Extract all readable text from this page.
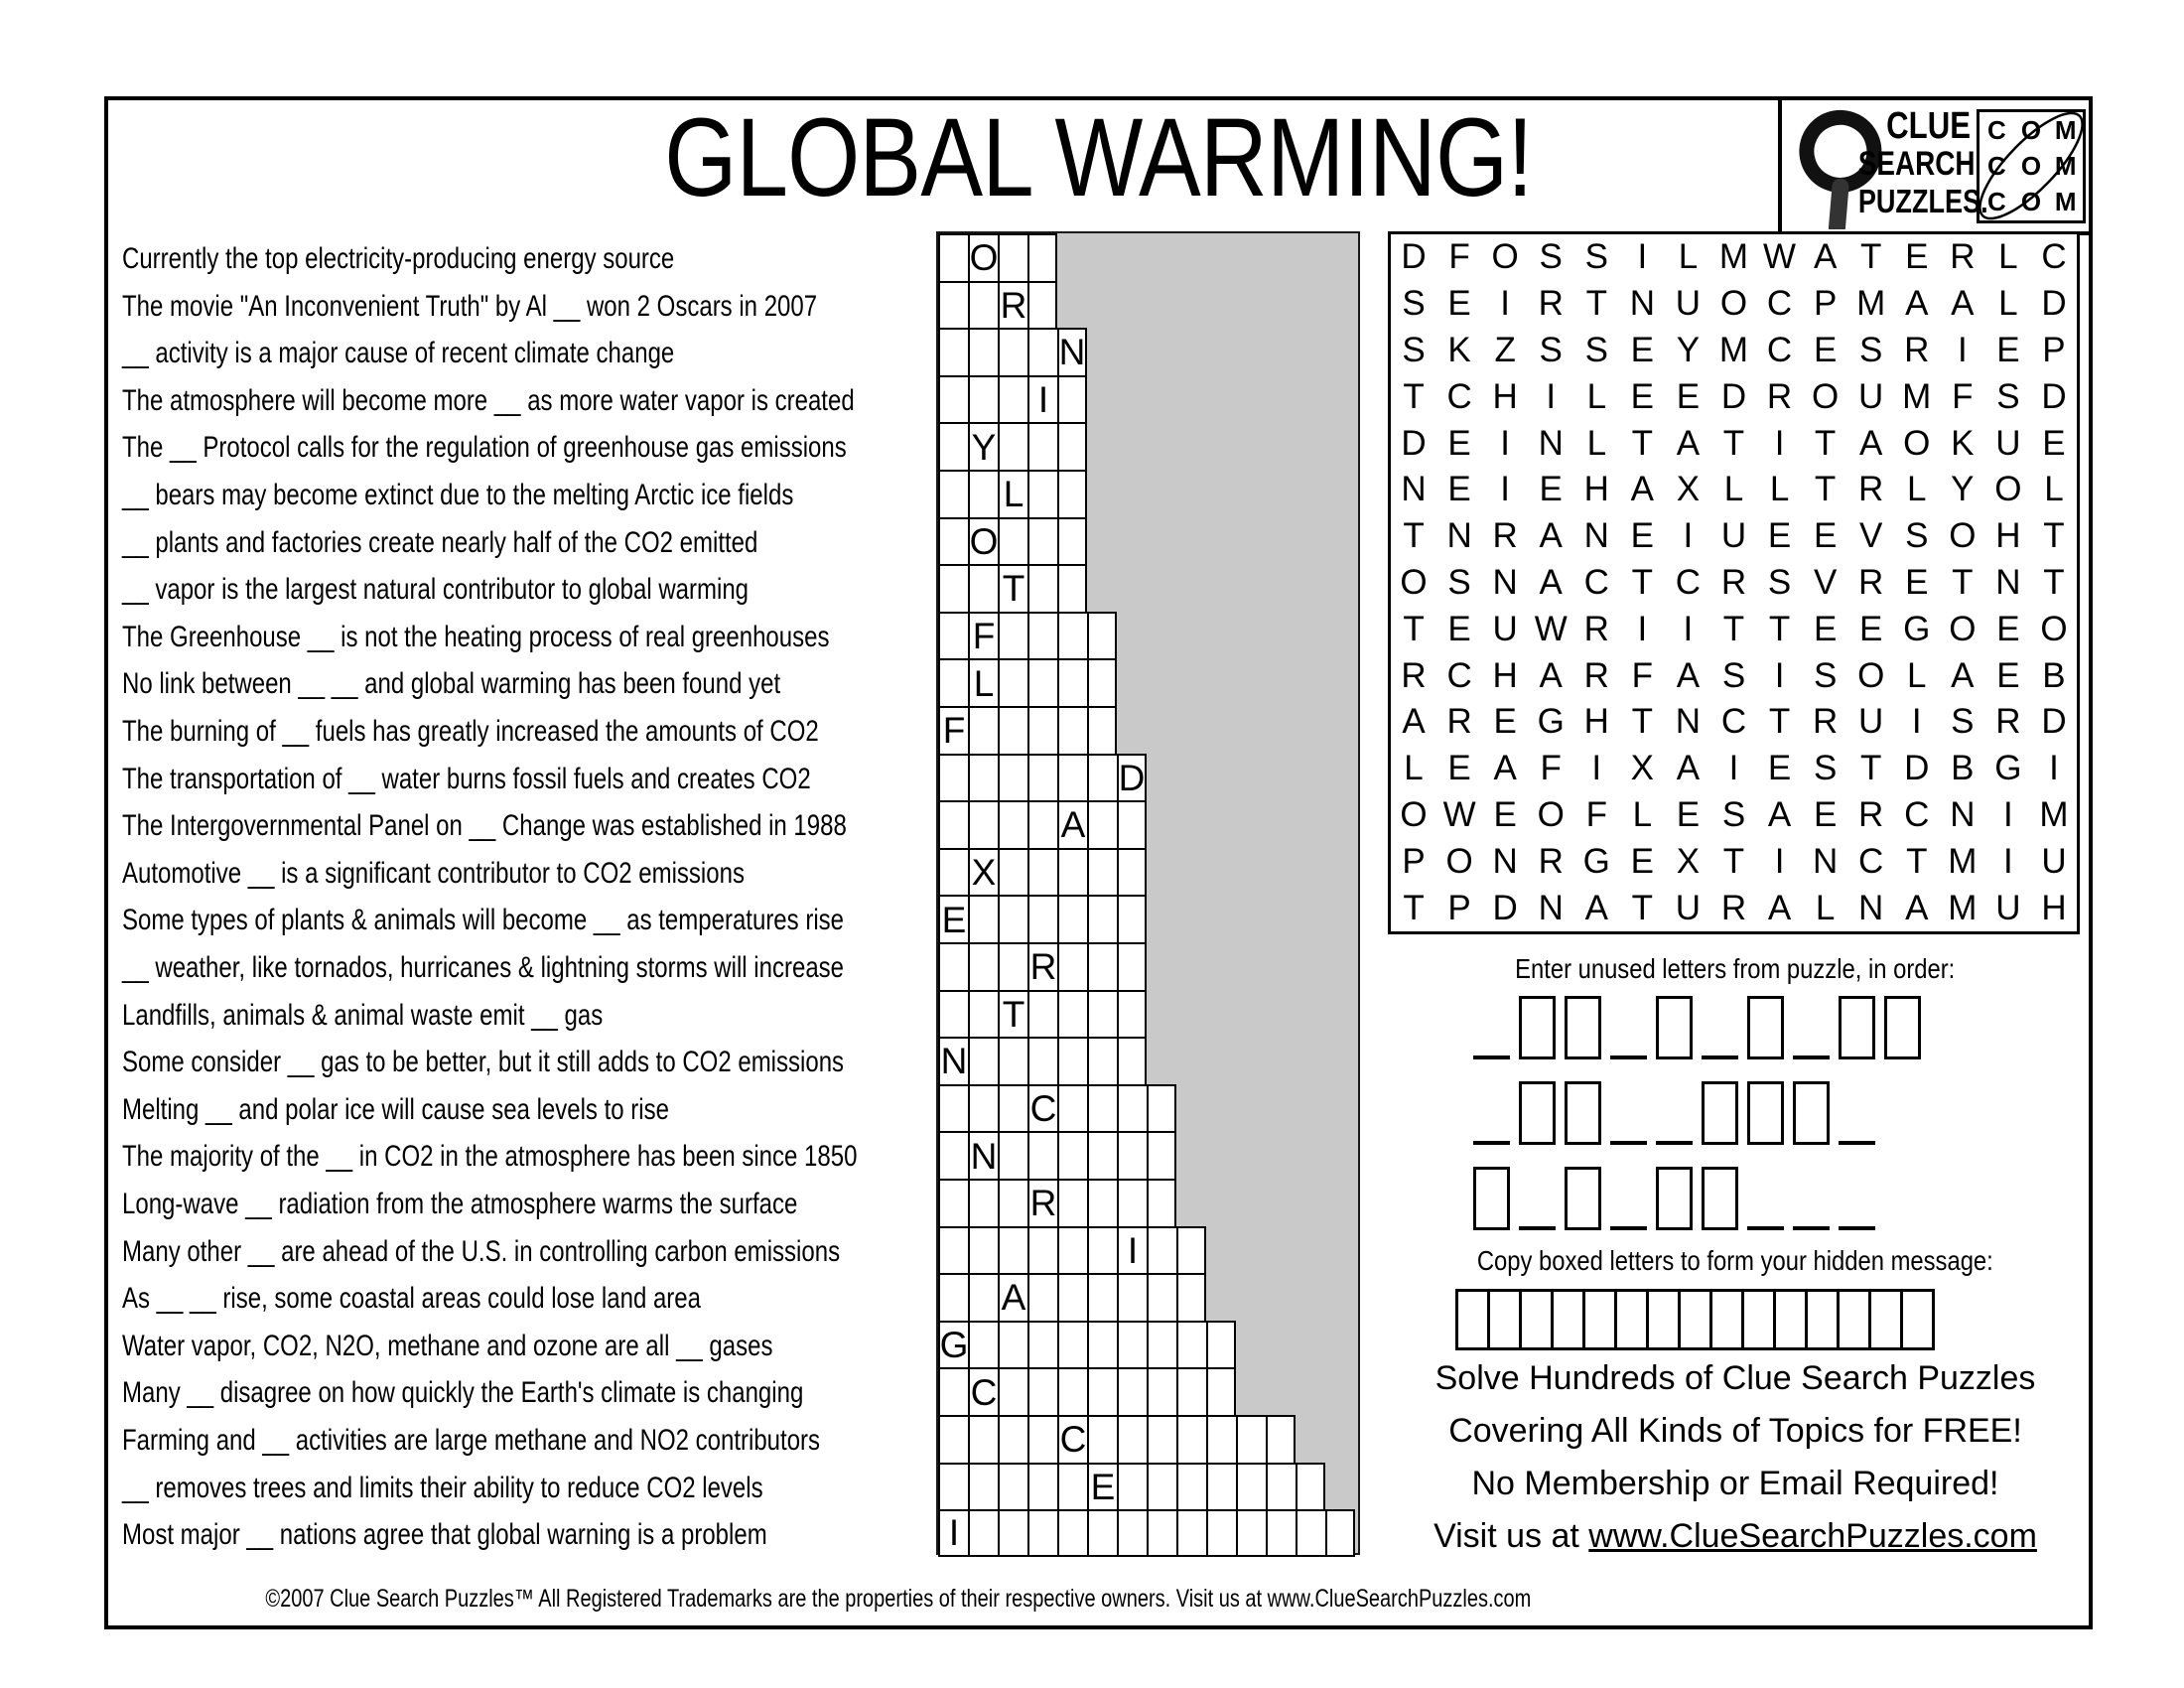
GLOBAL WARMING!	CLUE
SEARCH
PUZZLES.
C O M
C O M
C O M
Currently the top electricity-producing energy source
The movie "An Inconvenient Truth" by Al __ won 2 Oscars in 2007
__ activity is a major cause of recent climate change
The atmosphere will become more __ as more water vapor is created
The __ Protocol calls for the regulation of greenhouse gas emissions
__ bears may become extinct due to the melting Arctic ice fields
__ plants and factories create nearly half of the CO2 emitted
__ vapor is the largest natural contributor to global warming
The Greenhouse __ is not the heating process of real greenhouses
No link between __ __ and global warming has been found yet
The burning of __ fuels has greatly increased the amounts of CO2
The transportation of __ water burns fossil fuels and creates CO2
The Intergovernmental Panel on __ Change was established in 1988
Automotive __ is a significant contributor to CO2 emissions
Some types of plants & animals will become __ as temperatures rise
__ weather, like tornados, hurricanes & lightning storms will increase
Landfills, animals & animal waste emit __ gas
Some consider __ gas to be better, but it still adds to CO2 emissions
Melting __ and polar ice will cause sea levels to rise
The majority of the __ in CO2 in the atmosphere has been since 1850
Long-wave __ radiation from the atmosphere warms the surface
Many other __ are ahead of the U.S. in controlling carbon emissions
As __ __ rise, some coastal areas could lose land area
Water vapor, CO2, N2O, methane and ozone are all __ gases
Many __ disagree on how quickly the Earth's climate is changing
Farming and __ activities are large methane and NO2 contributors
__ removes trees and limits their ability to reduce CO2 levels
Most major __ nations agree that global warning is a problem
O
R
N
I
Y
L
O
T
F
L
F
D
A
X
E
R
T
N
C
N
R
I
A
G
C
C
E
I
D F O S S I L M W A T E R L C
S E I R T N U O C P M A A L D
S K Z S S E Y M C E S R I E P
T C H I L E E D R O U M F S D
D E I N L T A T I T A O K U E
N E I E H A X L L T R L Y O L
T N R A N E I U E E V S O H T
O S N A C T C R S V R E T N T
T E U W R I	I T T E E G O E O
R C H A R F A S I S O L A E B
A R E G H T N C T R U I S R D
L E A F I X A I E S T D B G I
O W E O F L E S A E R C N I M
P O N R G E X T I N C T M I U
T P D N A T U R A L N A M U H
Enter unused letters from puzzle, in order:
Copy boxed letters to form your hidden message:
Solve Hundreds of Clue Search Puzzles
Covering All Kinds of Topics for FREE!
No Membership or Email Required!
Visit us at www.ClueSearchPuzzles.com
©2007 Clue Search Puzzles™ All Registered Trademarks are the properties of their respective owners. Visit us at www.ClueSearchPuzzles.com
